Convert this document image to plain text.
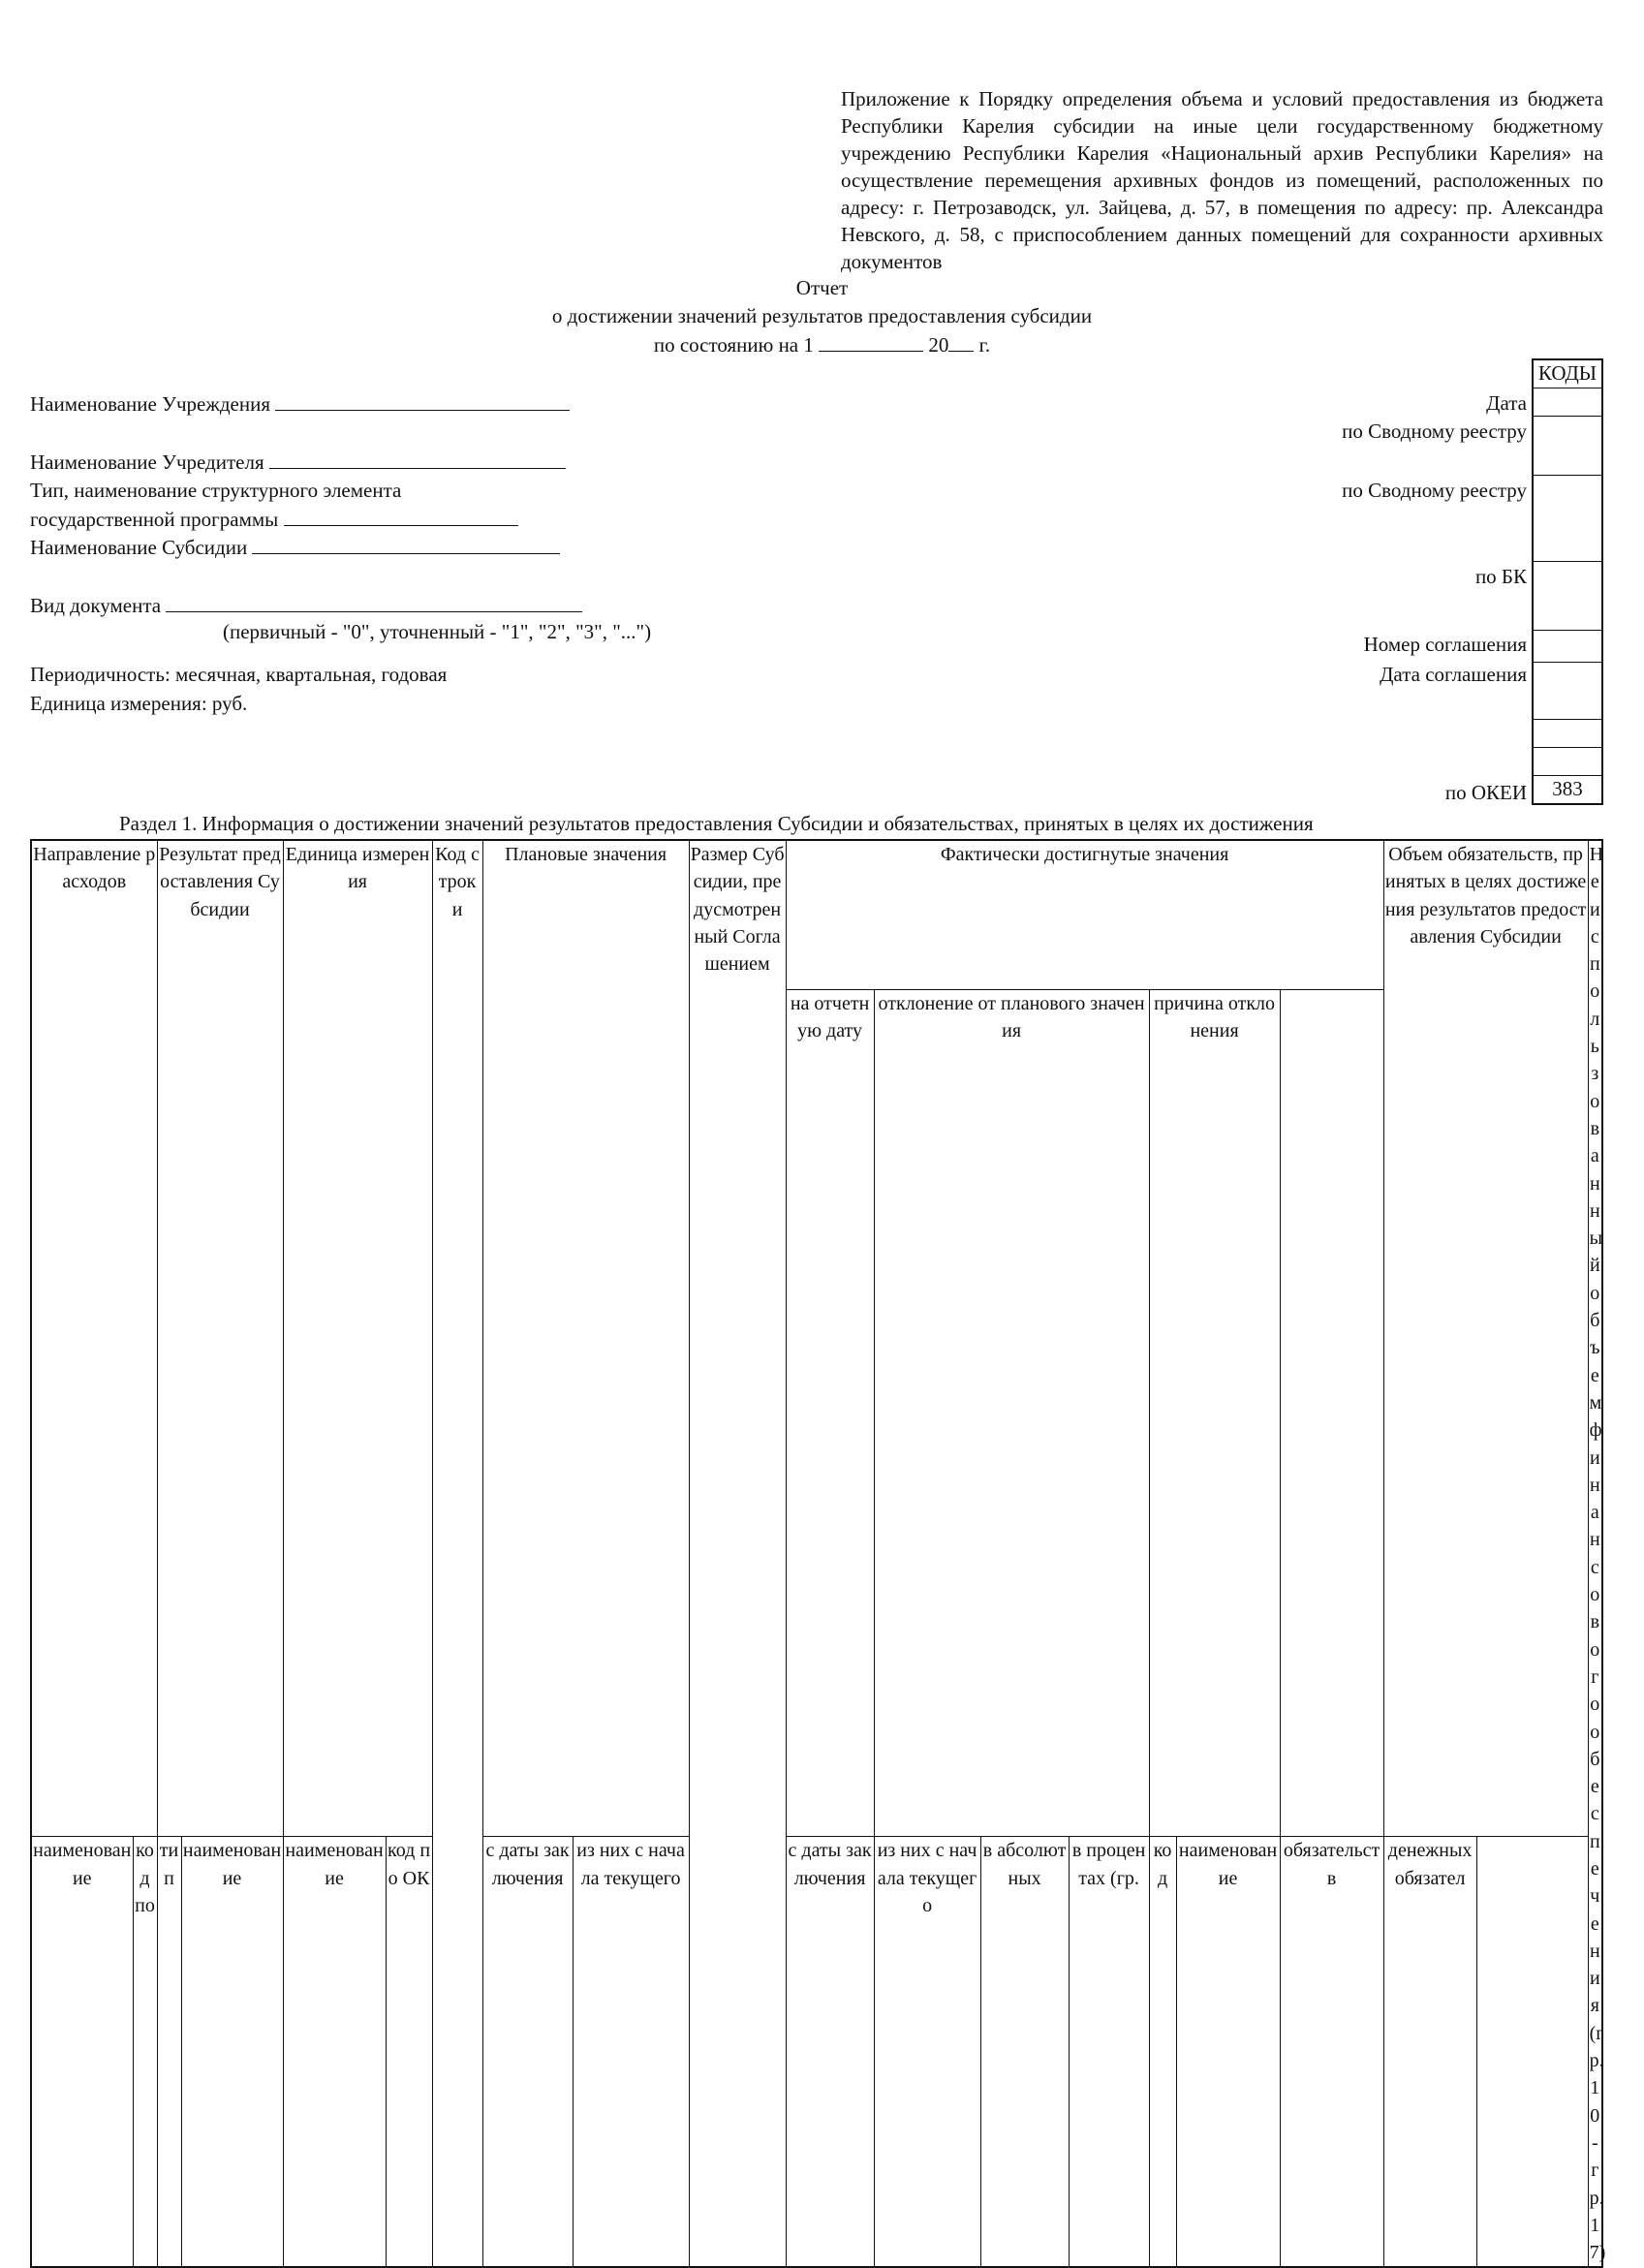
Приложение к Порядку определения объема и условий предоставления из бюджета Республики Карелия субсидии на иные цели государственному бюджетному учреждению Республики Карелия «Национальный архив Республики Карелия» на осуществление перемещения архивных фондов из помещений, расположенных по адресу: г. Петрозаводск, ул. Зайцева, д. 57, в помещения по адресу: пр. Александра Невского, д. 58, с приспособлением данных помещений для сохранности архивных документов
Отчет
о достижении значений результатов предоставления субсидии
по состоянию на 1	20 г.
Наименование Учреждения
Наименование Учредителя
Тип, наименование структурного элемента
государственной программы
Наименование Субсидии
Вид документа
(первичный - "0", уточненный - "1", "2", "3", "...")
Периодичность: месячная, квартальная, годовая
Единица измерения: руб.
Дата
по Сводному реестру
по Сводному реестру
по БК
Номер соглашения
Дата соглашения
по ОКЕИ
КОДЫ

383
Раздел 1. Информация о достижении значений результатов предоставления Субсидии и обязательствах, принятых в целях их достижения
Направление расходов		Результат предоставления Субсидии		Единица измерения		Код строки	Плановые значения		Размер Субсидии, предусмотренный Соглашением	Фактически достигнутые значения							Объем обязательств, принятых в целях достижения результатов предоставления Субсидии	Неиспользованный объем финансового обеспечения (гр. 10 - гр. 17)
										на отчетную дату	отклонение от планового значения			причина отклонения				
наименование	код по	тип	наименование	наименование	код по ОК		с даты заключения	из них с начала текущего		с даты заключения	из них с начала текущего	в абсолютных	в процентах (гр.	код	наименование	обязательств	денежных обязател	
